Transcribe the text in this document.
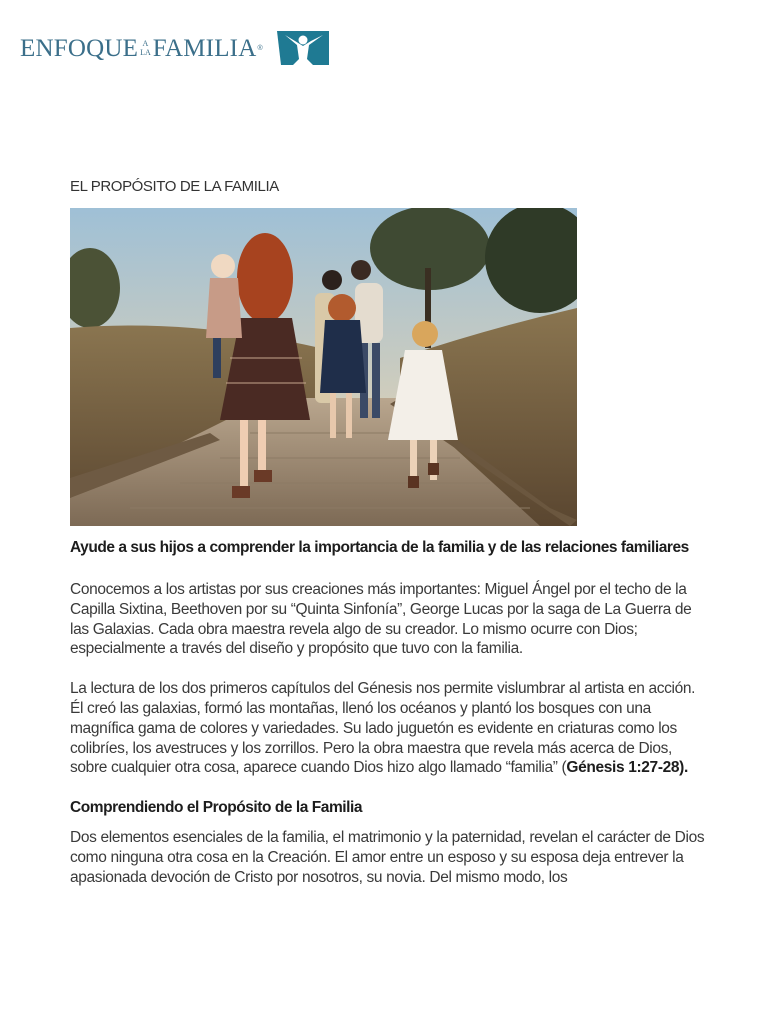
ENFOQUE A
LA FAMILIA ®
EL PROPÓSITO DE LA FAMILIA

Ayude a sus hijos a comprender la importancia de la familia y de las relaciones familiares

Conocemos a los artistas por sus creaciones más importantes: Miguel Ángel por el techo de la Capilla Sixtina, Beethoven por su “Quinta Sinfonía”, George Lucas por la saga de La Guerra de las Galaxias. Cada obra maestra revela algo de su creador. Lo mismo ocurre con Dios; especialmente a través del diseño y propósito que tuvo con la familia.

La lectura de los dos primeros capítulos del Génesis nos permite vislumbrar al artista en acción. Él creó las galaxias, formó las montañas, llenó los océanos y plantó los bosques con una magnífica gama de colores y variedades. Su lado juguetón es evidente en criaturas como los colibríes, los avestruces y los zorrillos. Pero la obra maestra que revela más acerca de Dios, sobre cualquier otra cosa, aparece cuando Dios hizo algo llamado “familia” (Génesis 1:27-28).

Comprendiendo el Propósito de la Familia

Dos elementos esenciales de la familia, el matrimonio y la paternidad, revelan el carácter de Dios como ninguna otra cosa en la Creación. El amor entre un esposo y su esposa deja entrever la apasionada devoción de Cristo por nosotros, su novia. Del mismo modo, los
